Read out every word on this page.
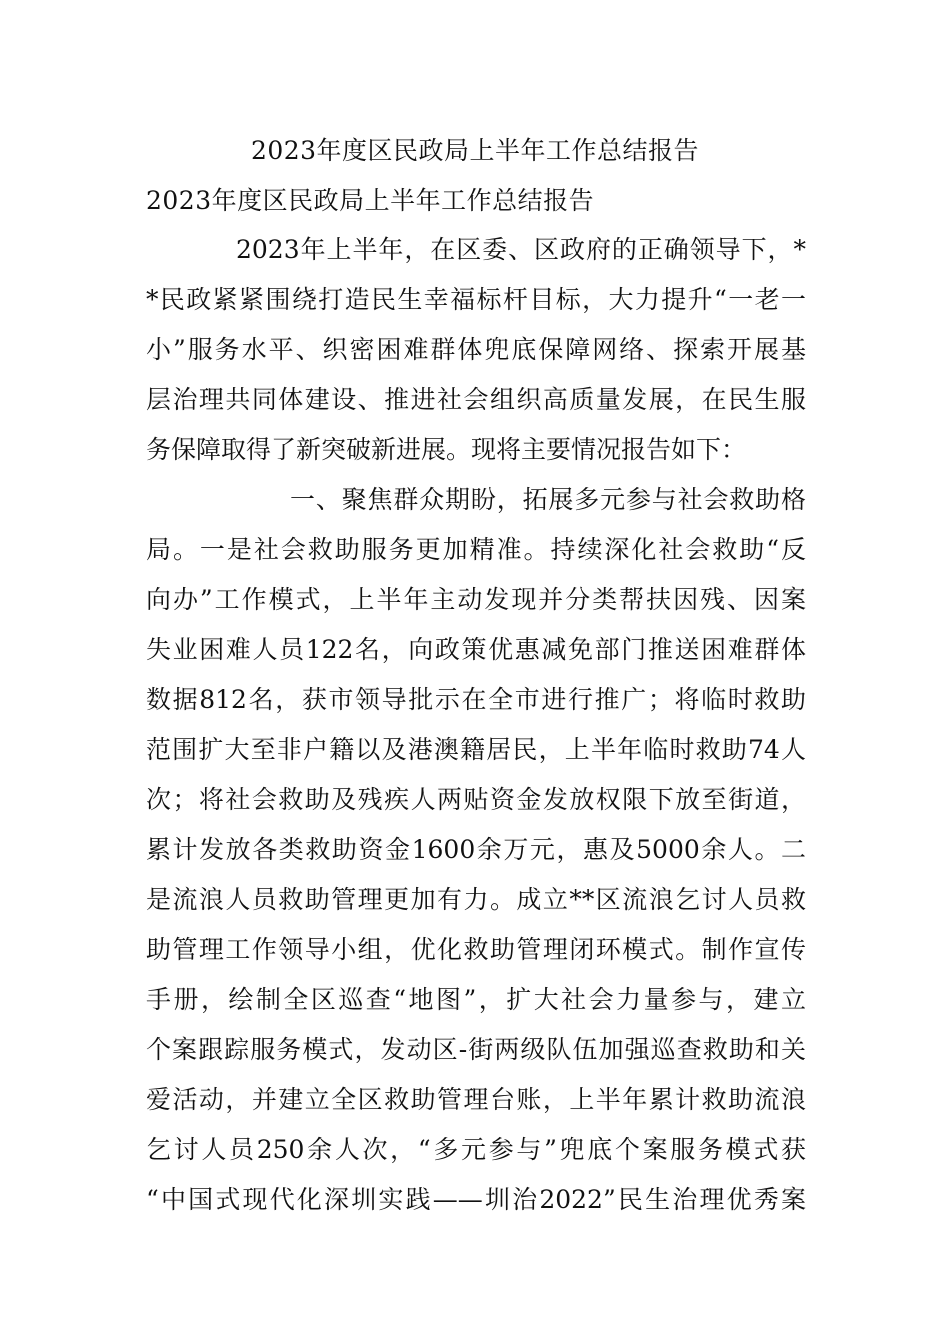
2023年度区民政局上半年工作总结报告
2023年度区民政局上半年工作总结报告
2023年上半年，在区委、区政府的正确领导下，*
*民政紧紧围绕打造民生幸福标杆目标，大力提升“一老一
小”服务水平、织密困难群体兜底保障网络、探索开展基
层治理共同体建设、推进社会组织高质量发展，在民生服
务保障取得了新突破新进展。现将主要情况报告如下：
一、聚焦群众期盼，拓展多元参与社会救助格
局。一是社会救助服务更加精准。持续深化社会救助“反
向办”工作模式，上半年主动发现并分类帮扶因残、因案
失业困难人员122名，向政策优惠减免部门推送困难群体
数据812名，获市领导批示在全市进行推广；将临时救助
范围扩大至非户籍以及港澳籍居民，上半年临时救助74人
次；将社会救助及残疾人两贴资金发放权限下放至街道，
累计发放各类救助资金1600余万元，惠及5000余人。二
是流浪人员救助管理更加有力。成立**区流浪乞讨人员救
助管理工作领导小组，优化救助管理闭环模式。制作宣传
手册，绘制全区巡查“地图”，扩大社会力量参与，建立
个案跟踪服务模式，发动区-街两级队伍加强巡查救助和关
爱活动，并建立全区救助管理台账，上半年累计救助流浪
乞讨人员250余人次，“多元参与”兜底个案服务模式获
“中国式现代化深圳实践——圳治2022”民生治理优秀案
